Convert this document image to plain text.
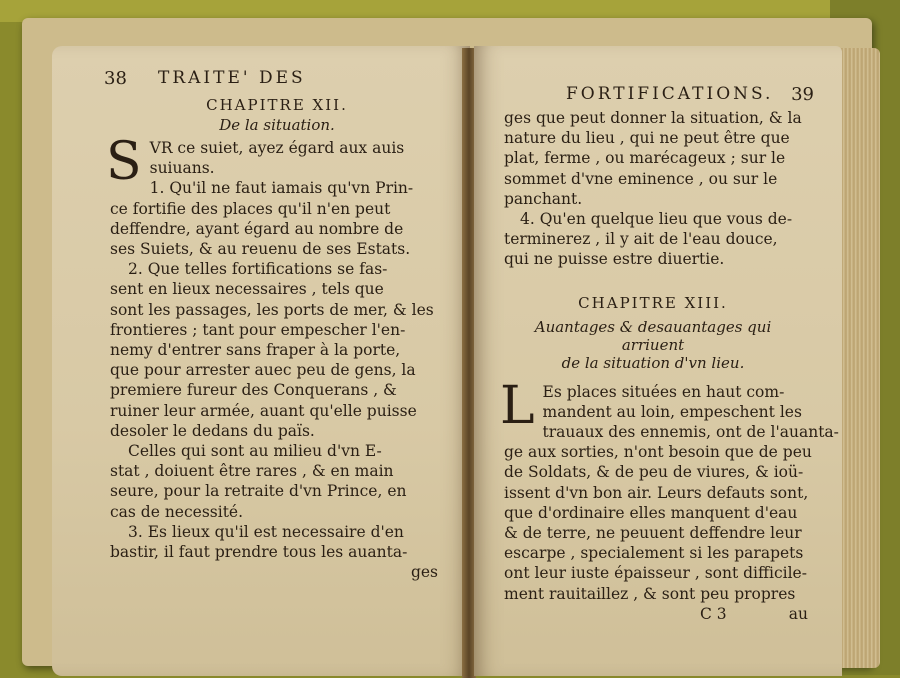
38 TRAITE' DES
CHAPITRE XII.
De la situation.
S VR ce suiet, ayez égard aux auis
suiuans.
1. Qu'il ne faut iamais qu'vn Prin-
ce fortifie des places qu'il n'en peut
deffendre, ayant égard au nombre de
ses Suiets, & au reuenu de ses Estats.
2. Que telles fortifications se fas-
sent en lieux necessaires , tels que
sont les passages, les ports de mer, & les
frontieres ; tant pour empescher l'en-
nemy d'entrer sans fraper à la porte,
que pour arrester auec peu de gens, la
premiere fureur des Conquerans , &
ruiner leur armée, auant qu'elle puisse
desoler le dedans du païs.
Celles qui sont au milieu d'vn E-
stat , doiuent être rares , & en main
seure, pour la retraite d'vn Prince, en
cas de necessité.
3. Es lieux qu'il est necessaire d'en
bastir, il faut prendre tous les auanta-
ges
FORTIFICATIONS. 39
ges que peut donner la situation, & la
nature du lieu , qui ne peut être que
plat, ferme , ou marécageux ; sur le
sommet d'vne eminence , ou sur le
panchant.
4. Qu'en quelque lieu que vous de-
terminerez , il y ait de l'eau douce,
qui ne puisse estre diuertie.
CHAPITRE XIII.
Auantages & desauantages qui arriuent
de la situation d'vn lieu.
L Es places situées en haut com-
mandent au loin, empeschent les
trauaux des ennemis, ont de l'auanta-
ge aux sorties, n'ont besoin que de peu
de Soldats, & de peu de viures, & ioü-
issent d'vn bon air. Leurs defauts sont,
que d'ordinaire elles manquent d'eau
& de terre, ne peuuent deffendre leur
escarpe , specialement si les parapets
ont leur iuste épaisseur , sont difficile-
ment rauitaillez , & sont peu propres
C 3	au
